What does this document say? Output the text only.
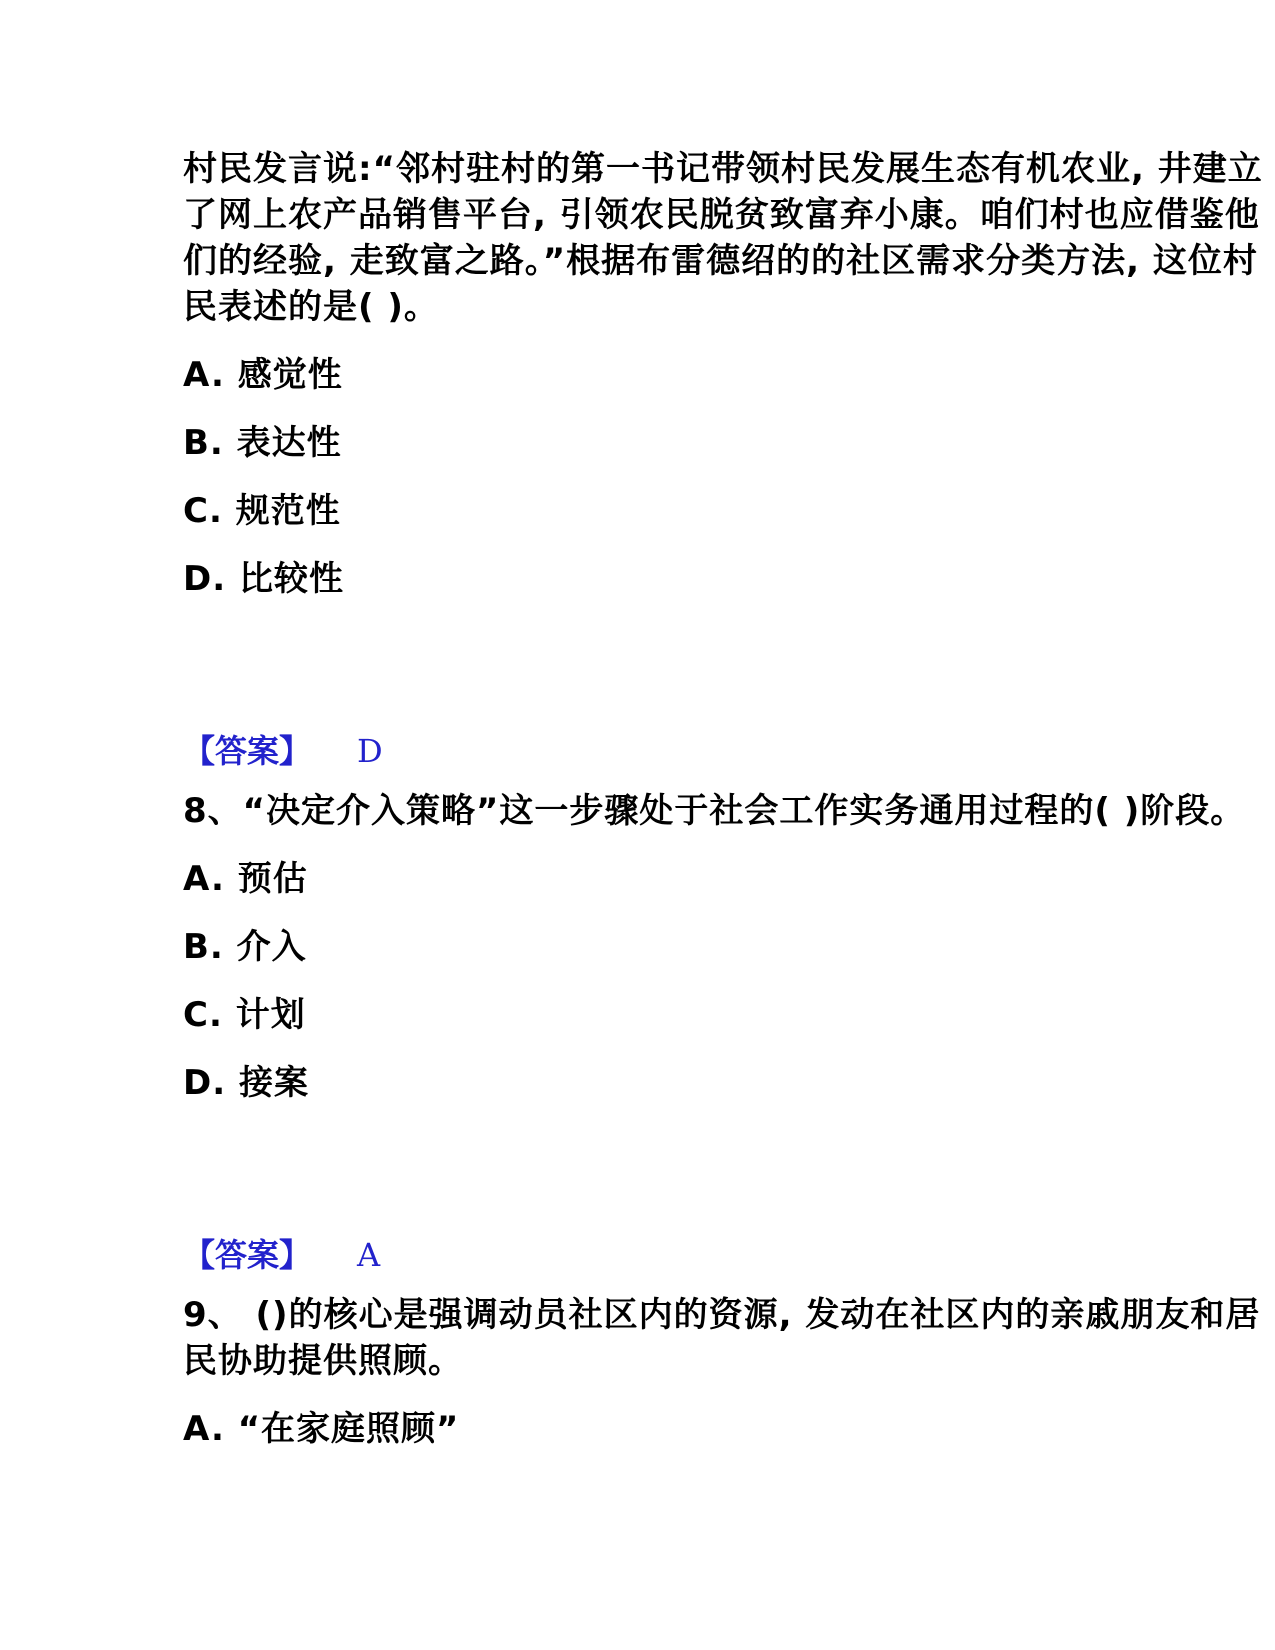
村民发言说:“邻村驻村的第一书记带领村民发展生态有机农业, 井建立
了网上农产品销售平台, 引领农民脱贫致富弃小康。咱们村也应借鉴他
们的经验, 走致富之路。”根据布雷德绍的的社区需求分类方法, 这位村
民表述的是( )。
A. 感觉性
B. 表达性
C. 规范性
D. 比较性
【答案】 D
8、“决定介入策略”这一步骤处于社会工作实务通用过程的( )阶段。
A. 预估
B. 介入
C. 计划
D. 接案
【答案】 A
9、 ()的核心是强调动员社区内的资源, 发动在社区内的亲戚朋友和居
民协助提供照顾。
A. “在家庭照顾”
